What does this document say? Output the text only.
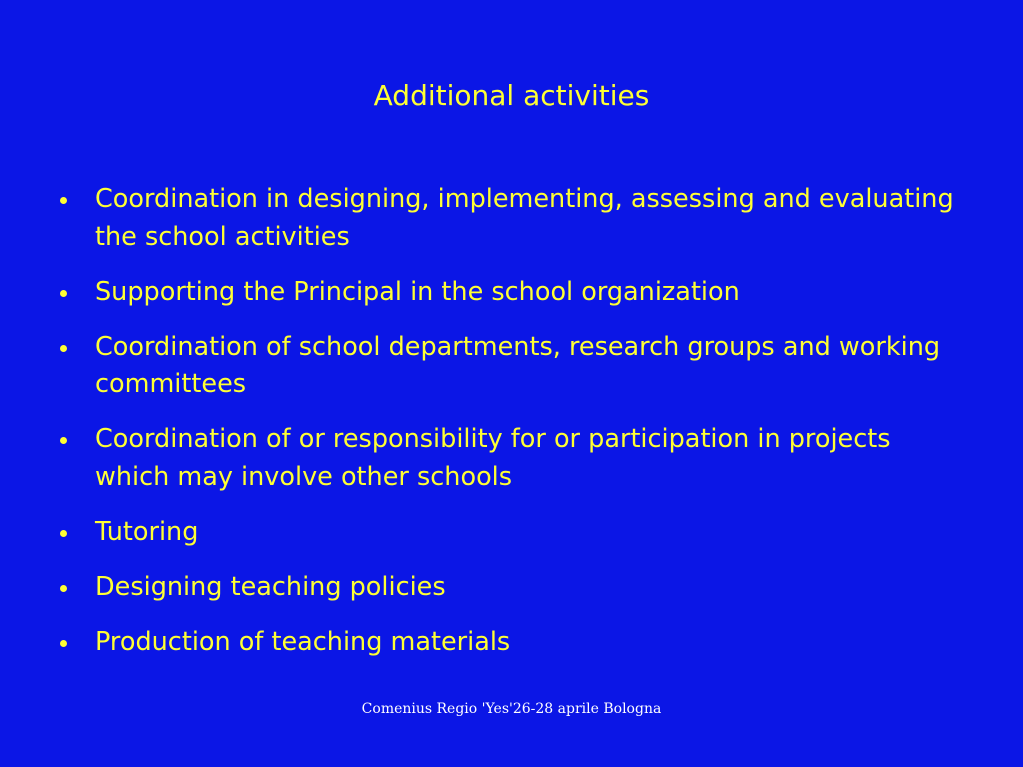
Additional activities
Coordination in designing, implementing, assessing and evaluating the school activities
Supporting the Principal in the school organization
Coordination of school departments, research groups and working committees
Coordination of or responsibility for or participation in projects which may involve other schools
Tutoring
Designing teaching policies
Production of teaching materials
Comenius Regio 'Yes'26-28 aprile Bologna
